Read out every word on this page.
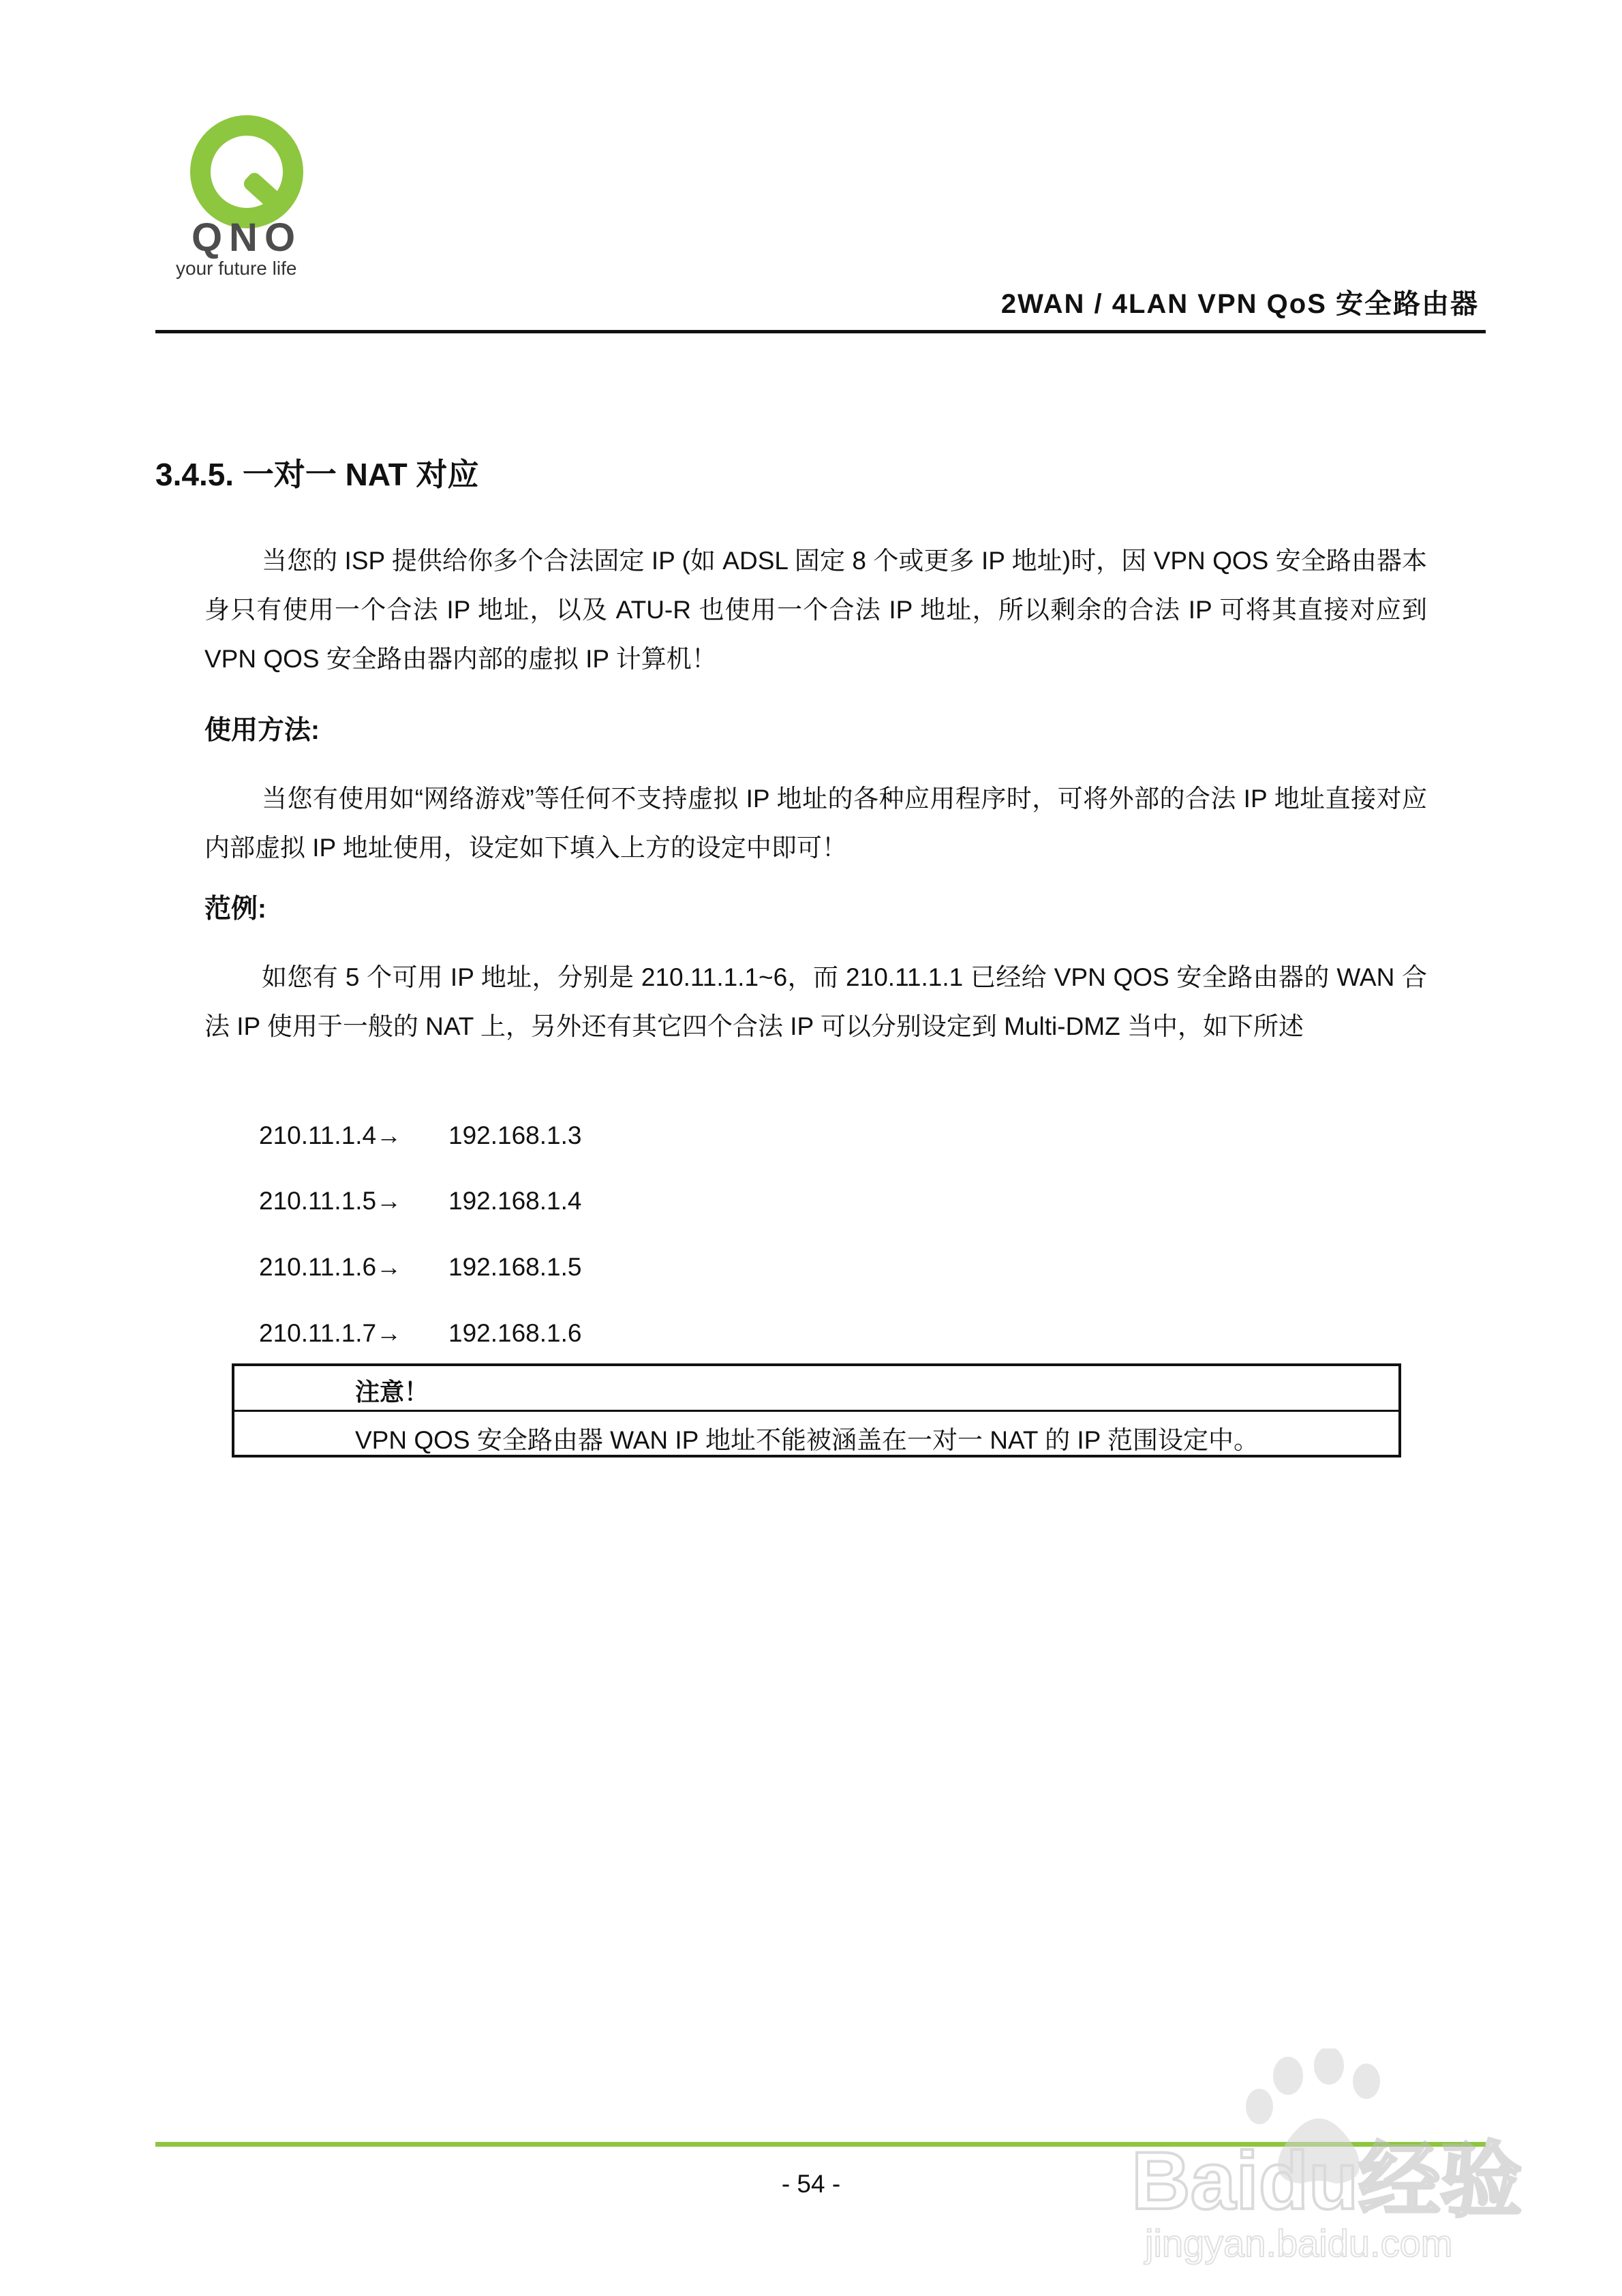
QNO
your future life
2WAN / 4LAN VPN QoS 安全路由器
3.4.5. 一对一 NAT 对应
当您的 ISP 提供给你多个合法固定 IP (如 ADSL 固定 8 个或更多 IP 地址)时，因 VPN QOS 安全路由器本身只有使用一个合法 IP 地址，以及 ATU-R 也使用一个合法 IP 地址，所以剩余的合法 IP 可将其直接对应到 VPN QOS 安全路由器内部的虚拟 IP 计算机！
使用方法:
当您有使用如“网络游戏”等任何不支持虚拟 IP 地址的各种应用程序时，可将外部的合法 IP 地址直接对应内部虚拟 IP 地址使用，设定如下填入上方的设定中即可！
范例:
如您有 5 个可用 IP 地址，分别是 210.11.1.1~6，而 210.11.1.1 已经给 VPN QOS 安全路由器的 WAN 合法 IP 使用于一般的 NAT 上，另外还有其它四个合法 IP 可以分别设定到 Multi-DMZ 当中，如下所述
210.11.1.4→ 192.168.1.3
210.11.1.5→ 192.168.1.4
210.11.1.6→ 192.168.1.5
210.11.1.7→ 192.168.1.6
注意！
VPN QOS 安全路由器 WAN IP 地址不能被涵盖在一对一 NAT 的 IP 范围设定中。
- 54 -	Baidu经验
jingyan.baidu.com
